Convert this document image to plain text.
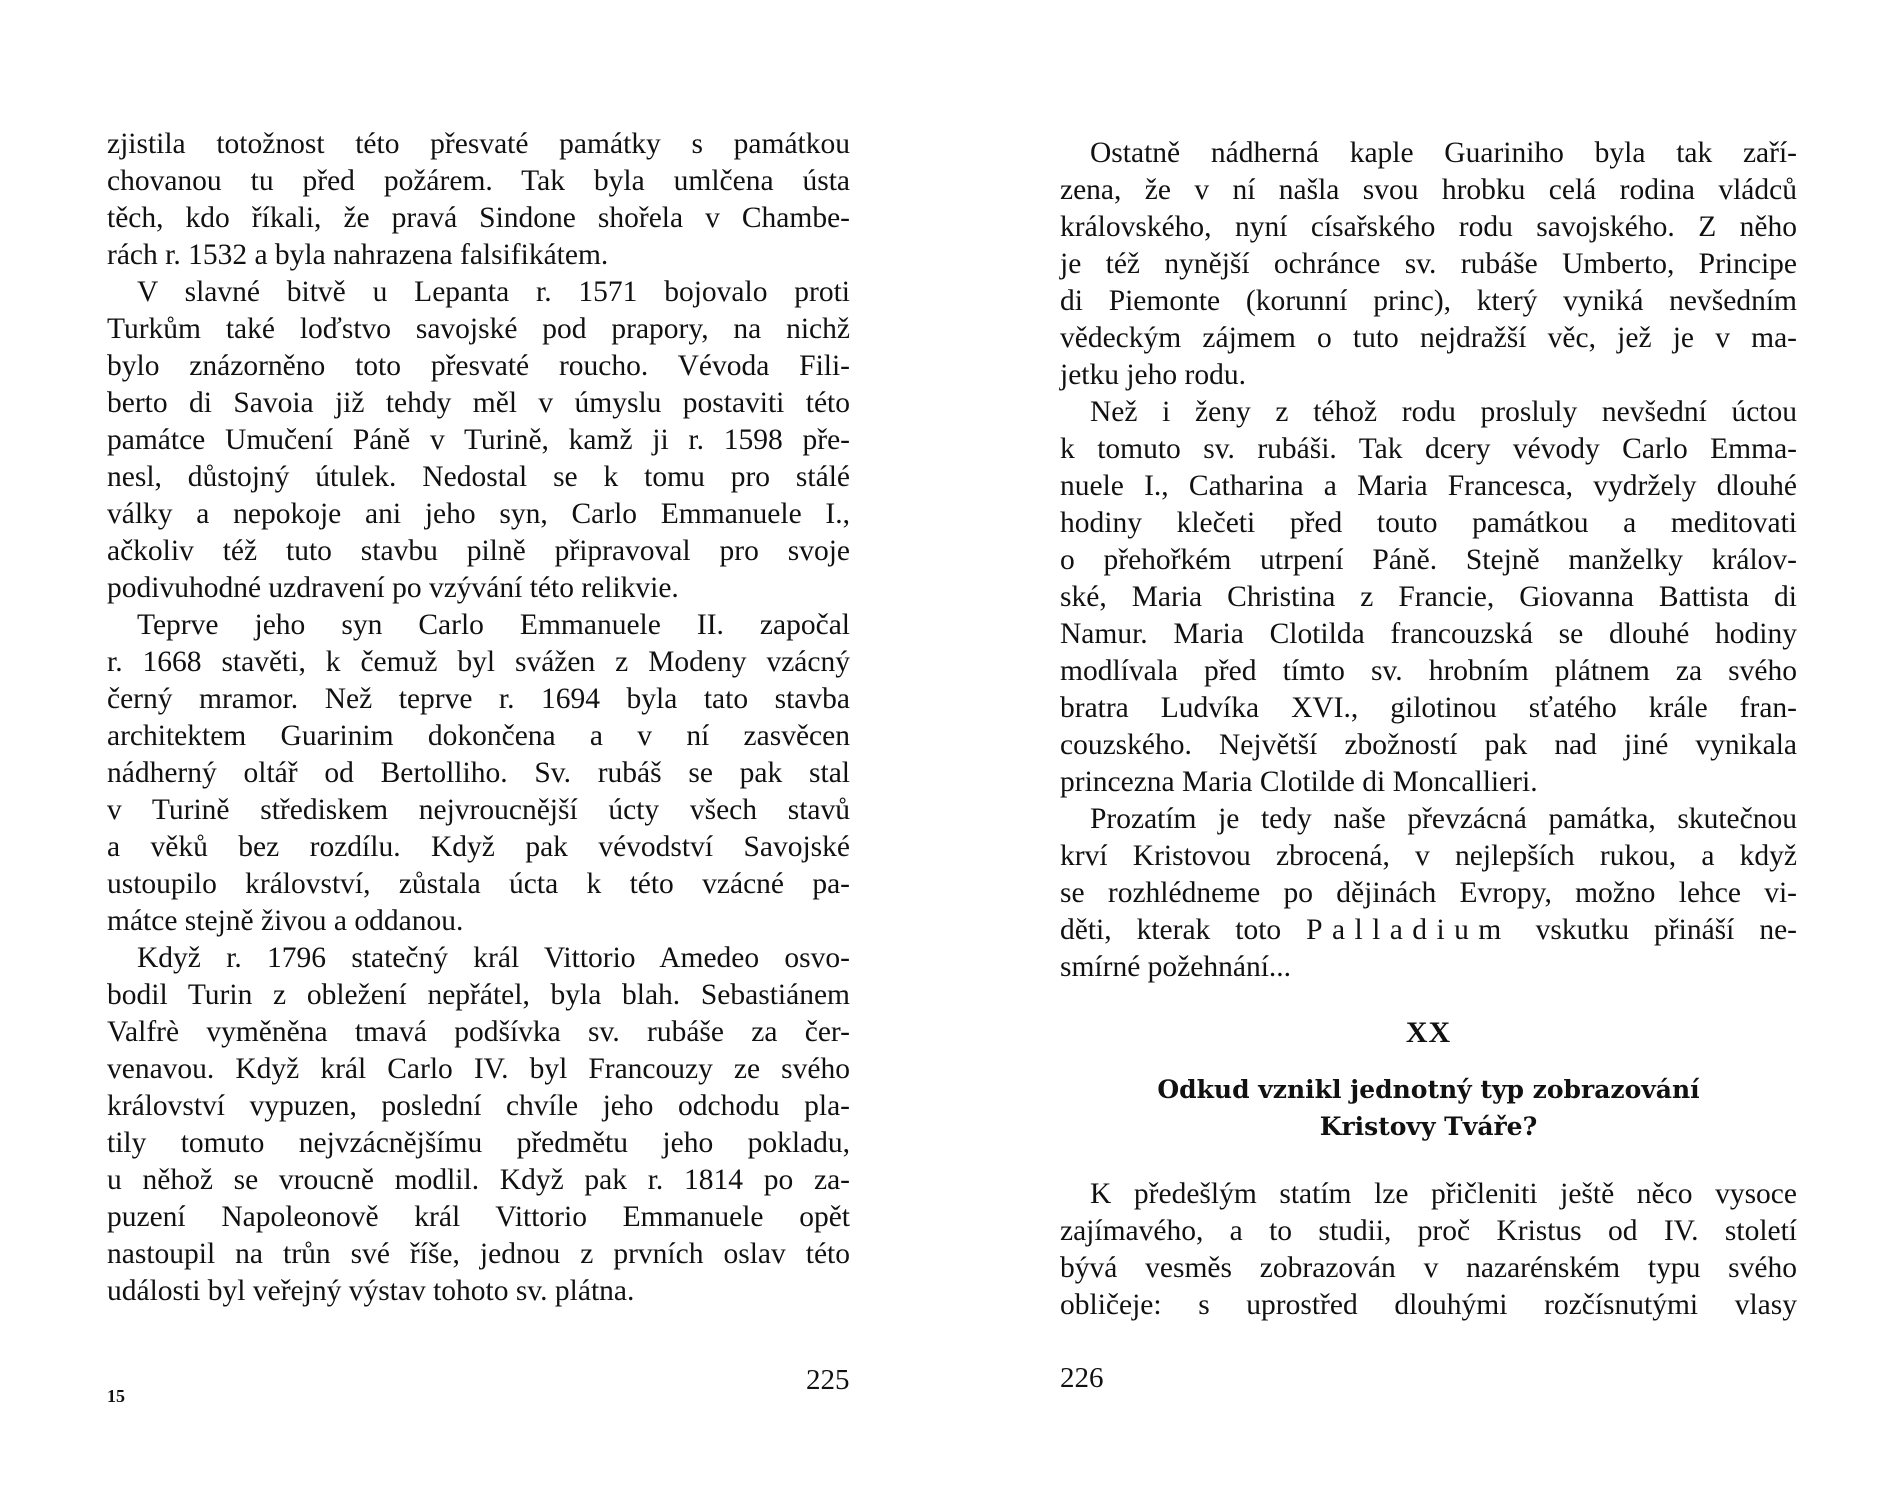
zjistila totožnost této přesvaté památky s památkou
chovanou tu před požárem. Tak byla umlčena ústa
těch, kdo říkali, že pravá Sindone shořela v Chambe-
rách r. 1532 a byla nahrazena falsifikátem.
V slavné bitvě u Lepanta r. 1571 bojovalo proti
Turkům také loďstvo savojské pod prapory, na nichž
bylo znázorněno toto přesvaté roucho. Vévoda Fili-
berto di Savoia již tehdy měl v úmyslu postaviti této
památce Umučení Páně v Turině, kamž ji r. 1598 pře-
nesl, důstojný útulek. Nedostal se k tomu pro stálé
války a nepokoje ani jeho syn, Carlo Emmanuele I.,
ačkoliv též tuto stavbu pilně připravoval pro svoje
podivuhodné uzdravení po vzývání této relikvie.
Teprve jeho syn Carlo Emmanuele II. započal
r. 1668 stavěti, k čemuž byl svážen z Modeny vzácný
černý mramor. Než teprve r. 1694 byla tato stavba
architektem Guarinim dokončena a v ní zasvěcen
nádherný oltář od Bertolliho. Sv. rubáš se pak stal
v Turině střediskem nejvroucnější úcty všech stavů
a věků bez rozdílu. Když pak vévodství Savojské
ustoupilo království, zůstala úcta k této vzácné pa-
mátce stejně živou a oddanou.
Když r. 1796 statečný král Vittorio Amedeo osvo-
bodil Turin z obležení nepřátel, byla blah. Sebastiánem
Valfrè vyměněna tmavá podšívka sv. rubáše za čer-
venavou. Když král Carlo IV. byl Francouzy ze svého
království vypuzen, poslední chvíle jeho odchodu pla-
tily tomuto nejvzácnějšímu předmětu jeho pokladu,
u něhož se vroucně modlil. Když pak r. 1814 po za-
puzení Napoleonově král Vittorio Emmanuele opět
nastoupil na trůn své říše, jednou z prvních oslav této
události byl veřejný výstav tohoto sv. plátna.
15	225
Ostatně nádherná kaple Guariniho byla tak zaří-
zena, že v ní našla svou hrobku celá rodina vládců
královského, nyní císařského rodu savojského. Z něho
je též nynější ochránce sv. rubáše Umberto, Principe
di Piemonte (korunní princ), který vyniká nevšedním
vědeckým zájmem o tuto nejdražší věc, jež je v ma-
jetku jeho rodu.
Než i ženy z téhož rodu prosluly nevšední úctou
k tomuto sv. rubáši. Tak dcery vévody Carlo Emma-
nuele I., Catharina a Maria Francesca, vydržely dlouhé
hodiny klečeti před touto památkou a meditovati
o přehořkém utrpení Páně. Stejně manželky králov-
ské, Maria Christina z Francie, Giovanna Battista di
Namur. Maria Clotilda francouzská se dlouhé hodiny
modlívala před tímto sv. hrobním plátnem za svého
bratra Ludvíka XVI., gilotinou sťatého krále fran-
couzského. Největší zbožností pak nad jiné vynikala
princezna Maria Clotilde di Moncallieri.
Prozatím je tedy naše převzácná památka, skutečnou
krví Kristovou zbrocená, v nejlepších rukou, a když
se rozhlédneme po dějinách Evropy, možno lehce vi-
děti, kterak toto Palladium vskutku přináší ne-
smírné požehnání...
XX
Odkud vznikl jednotný typ zobrazování
Kristovy Tváře?
K předešlým statím lze přičleniti ještě něco vysoce
zajímavého, a to studii, proč Kristus od IV. století
bývá vesměs zobrazován v nazarénském typu svého
obličeje: s uprostřed dlouhými rozčísnutými vlasy
226
